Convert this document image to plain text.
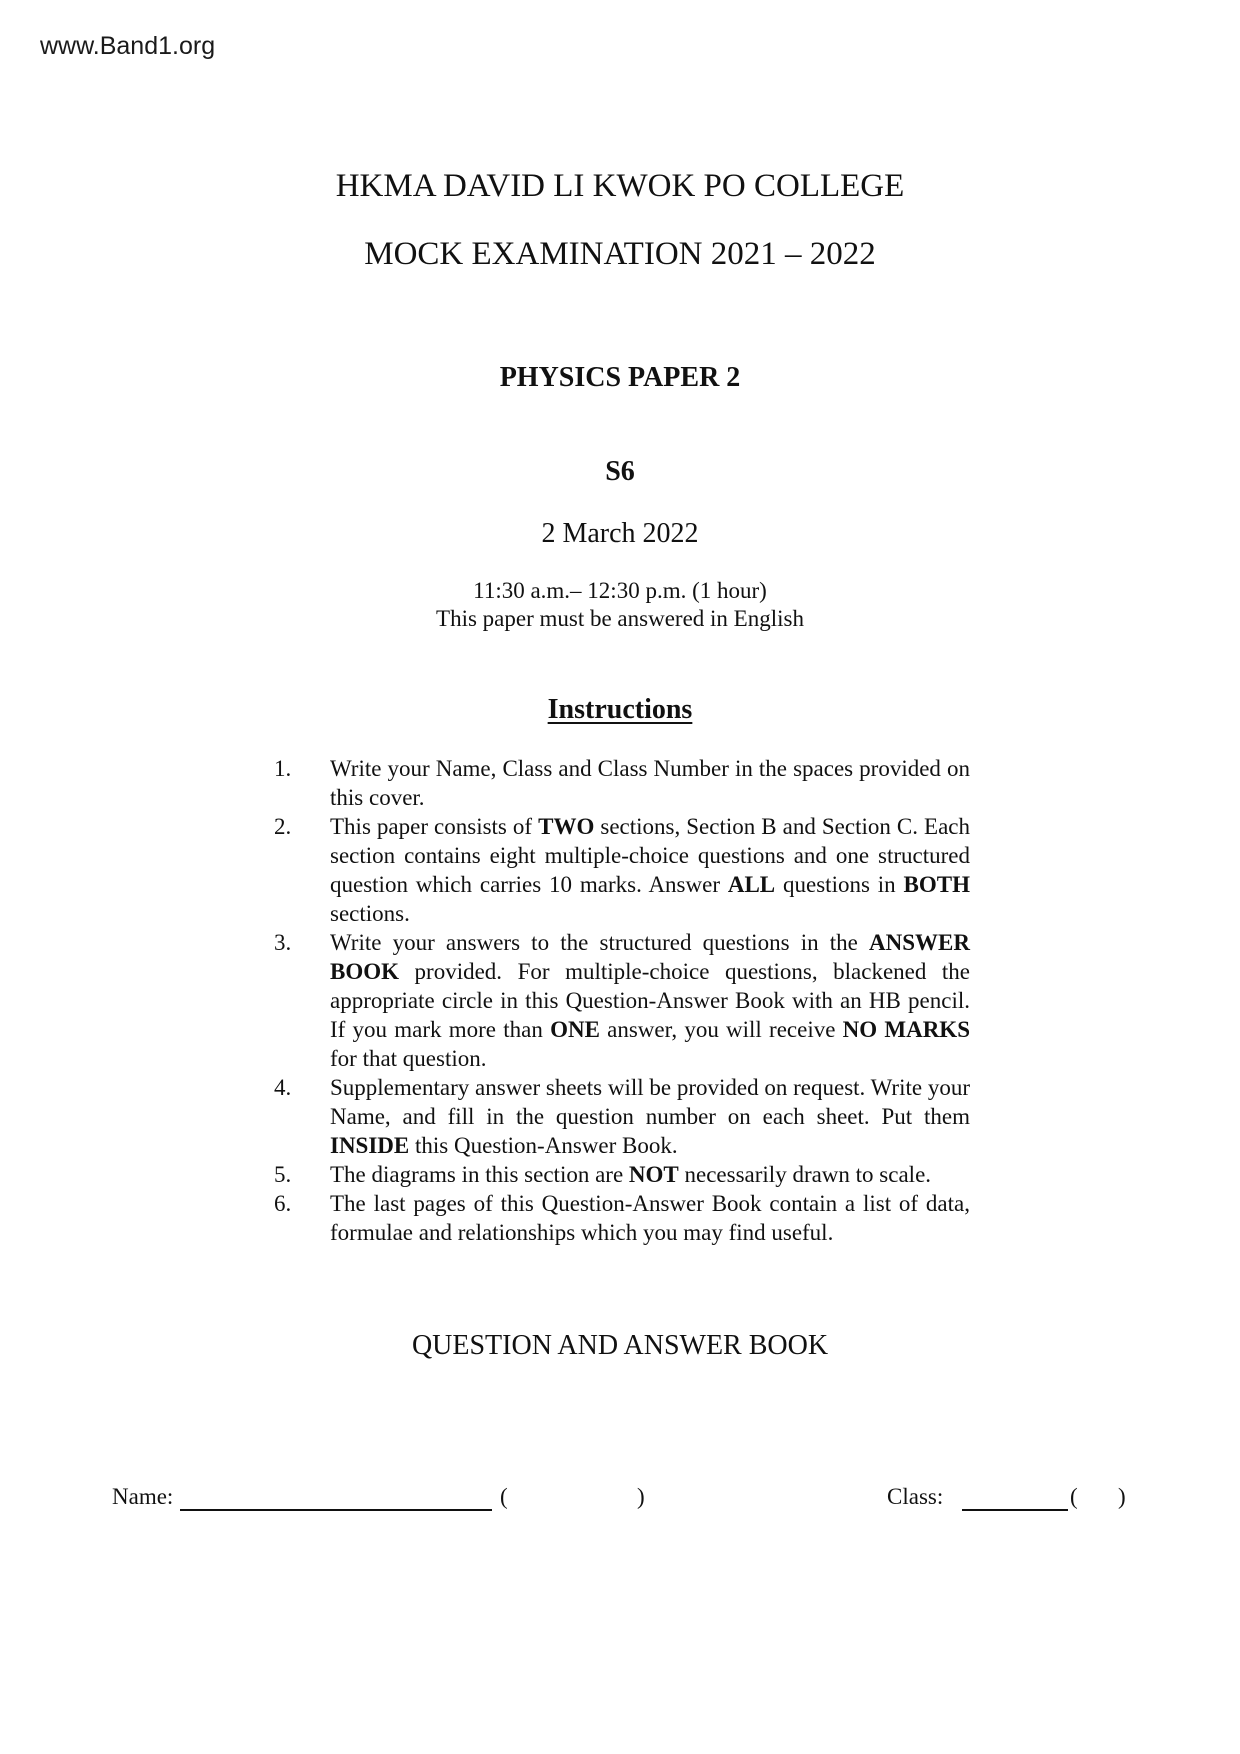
www.Band1.org
HKMA DAVID LI KWOK PO COLLEGE
MOCK EXAMINATION 2021 – 2022
PHYSICS PAPER 2
S6
2 March 2022
11:30 a.m.– 12:30 p.m. (1 hour)
This paper must be answered in English
Instructions
1. Write your Name, Class and Class Number in the spaces provided on this cover.
2. This paper consists of TWO sections, Section B and Section C. Each section contains eight multiple-choice questions and one structured question which carries 10 marks. Answer ALL questions in BOTH sections.
3. Write your answers to the structured questions in the ANSWER BOOK provided. For multiple-choice questions, blackened the appropriate circle in this Question-Answer Book with an HB pencil. If you mark more than ONE answer, you will receive NO MARKS for that question.
4. Supplementary answer sheets will be provided on request. Write your Name, and fill in the question number on each sheet. Put them INSIDE this Question-Answer Book.
5. The diagrams in this section are NOT necessarily drawn to scale.
6. The last pages of this Question-Answer Book contain a list of data, formulae and relationships which you may find useful.
QUESTION AND ANSWER BOOK
Name:	(	)	Class:	( )
